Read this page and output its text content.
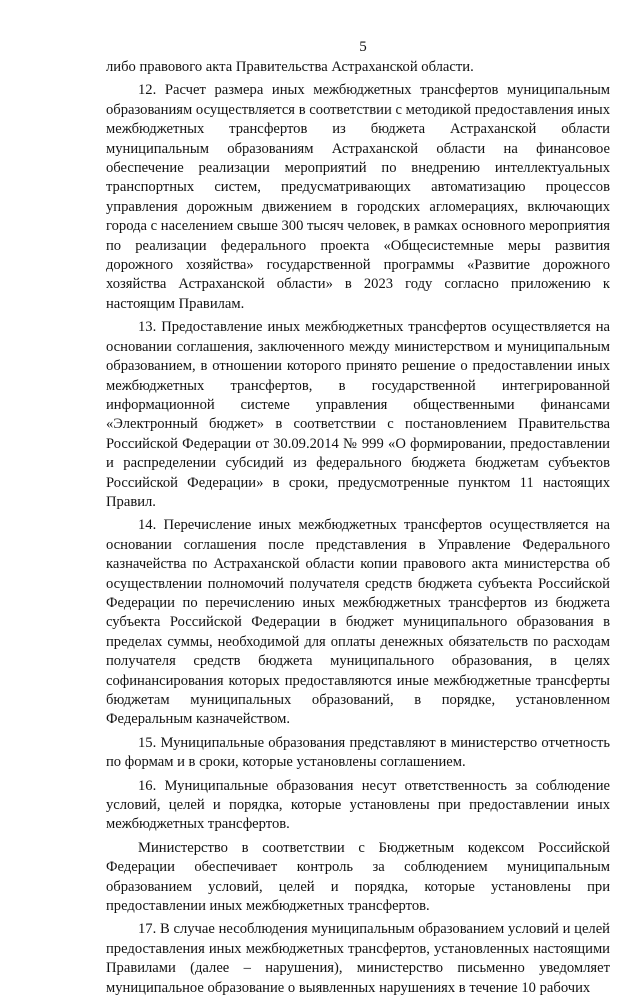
5

либо правового акта Правительства Астраханской области.

12. Расчет размера иных межбюджетных трансфертов муниципальным образованиям осуществляется в соответствии с методикой предоставления иных межбюджетных трансфертов из бюджета Астраханской области муниципальным образованиям Астраханской области на финансовое обеспечение реализации мероприятий по внедрению интеллектуальных транспортных систем, предусматривающих автоматизацию процессов управления дорожным движением в городских агломерациях, включающих города с населением свыше 300 тысяч человек, в рамках основного мероприятия по реализации федерального проекта «Общесистемные меры развития дорожного хозяйства» государственной программы «Развитие дорожного хозяйства Астраханской области» в 2023 году согласно приложению к настоящим Правилам.

13. Предоставление иных межбюджетных трансфертов осуществляется на основании соглашения, заключенного между министерством и муниципальным образованием, в отношении которого принято решение о предоставлении иных межбюджетных трансфертов, в государственной интегрированной информационной системе управления общественными финансами «Электронный бюджет» в соответствии с постановлением Правительства Российской Федерации от 30.09.2014 № 999 «О формировании, предоставлении и распределении субсидий из федерального бюджета бюджетам субъектов Российской Федерации» в сроки, предусмотренные пунктом 11 настоящих Правил.

14. Перечисление иных межбюджетных трансфертов осуществляется на основании соглашения после представления в Управление Федерального казначейства по Астраханской области копии правового акта министерства об осуществлении полномочий получателя средств бюджета субъекта Российской Федерации по перечислению иных межбюджетных трансфертов из бюджета субъекта Российской Федерации в бюджет муниципального образования в пределах суммы, необходимой для оплаты денежных обязательств по расходам получателя средств бюджета муниципального образования, в целях софинансирования которых предоставляются иные межбюджетные трансферты бюджетам муниципальных образований, в порядке, установленном Федеральным казначейством.

15. Муниципальные образования представляют в министерство отчетность по формам и в сроки, которые установлены соглашением.

16. Муниципальные образования несут ответственность за соблюдение условий, целей и порядка, которые установлены при предоставлении иных межбюджетных трансфертов.

Министерство в соответствии с Бюджетным кодексом Российской Федерации обеспечивает контроль за соблюдением муниципальным образованием условий, целей и порядка, которые установлены при предоставлении иных межбюджетных трансфертов.

17. В случае несоблюдения муниципальным образованием условий и целей предоставления иных межбюджетных трансфертов, установленных настоящими Правилами (далее – нарушения), министерство письменно уведомляет муниципальное образование о выявленных нарушениях в течение 10 рабочих
